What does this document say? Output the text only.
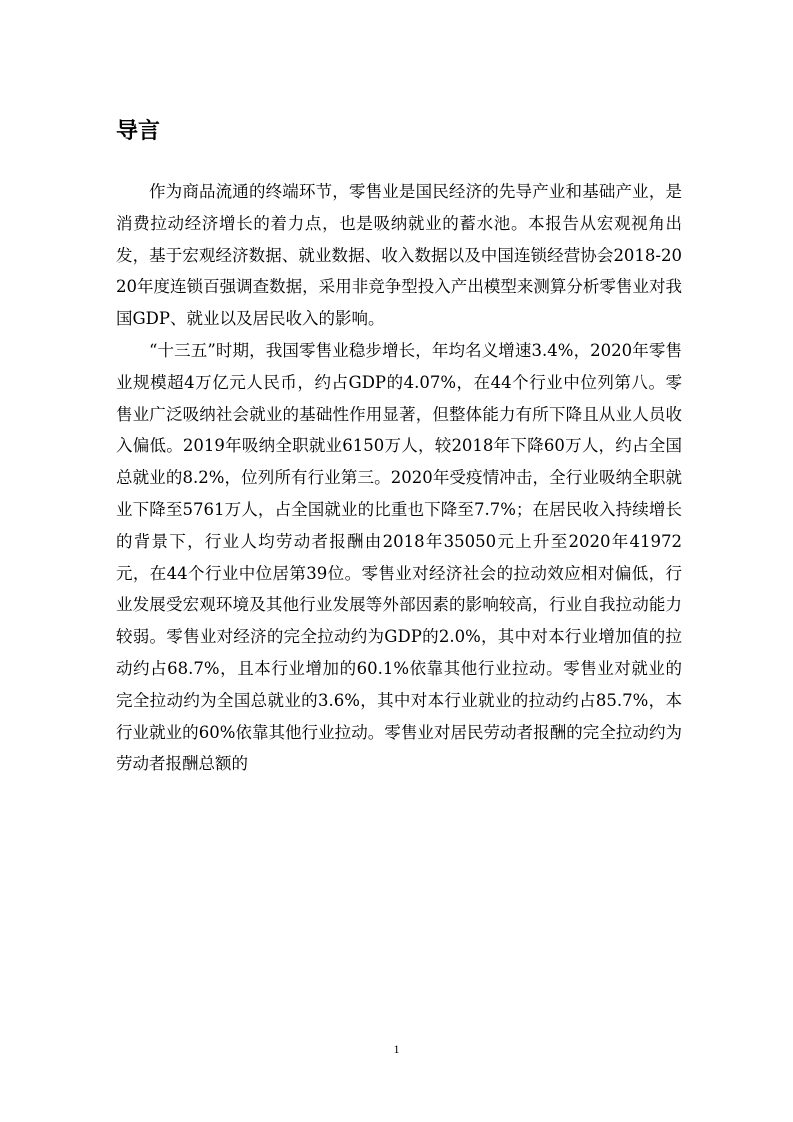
导言

作为商品流通的终端环节，零售业是国民经济的先导产业和基础产业，是消费拉动经济增长的着力点，也是吸纳就业的蓄水池。本报告从宏观视角出发，基于宏观经济数据、就业数据、收入数据以及中国连锁经营协会2018-2020年度连锁百强调查数据，采用非竞争型投入产出模型来测算分析零售业对我国GDP、就业以及居民收入的影响。

“十三五”时期，我国零售业稳步增长，年均名义增速3.4%，2020年零售业规模超4万亿元人民币，约占GDP的4.07%，在44个行业中位列第八。零售业广泛吸纳社会就业的基础性作用显著，但整体能力有所下降且从业人员收入偏低。2019年吸纳全职就业6150万人，较2018年下降60万人，约占全国总就业的8.2%，位列所有行业第三。2020年受疫情冲击，全行业吸纳全职就业下降至5761万人，占全国就业的比重也下降至7.7%；在居民收入持续增长的背景下，行业人均劳动者报酬由2018年35050元上升至2020年41972元，在44个行业中位居第39位。零售业对经济社会的拉动效应相对偏低，行业发展受宏观环境及其他行业发展等外部因素的影响较高，行业自我拉动能力较弱。零售业对经济的完全拉动约为GDP的2.0%，其中对本行业增加值的拉动约占68.7%，且本行业增加的60.1%依靠其他行业拉动。零售业对就业的完全拉动约为全国总就业的3.6%，其中对本行业就业的拉动约占85.7%，本行业就业的60%依靠其他行业拉动。零售业对居民劳动者报酬的完全拉动约为劳动者报酬总额的

1
